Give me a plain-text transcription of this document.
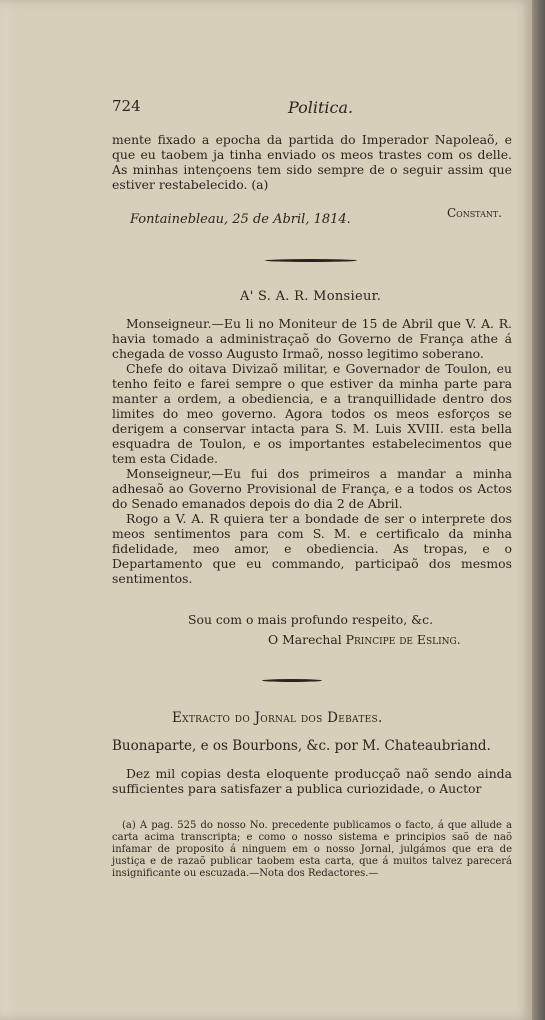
724	Politica.

mente fixado a epocha da partida do Imperador Napoleaõ, e que eu taobem ja tinha enviado os meos trastes com os delle. As minhas intençoens tem sido sempre de o seguir assim que estiver restabelecido. (a)

Fontainebleau, 25 de Abril, 1814.	Constant.
A' S. A. R. Monsieur.

Monseigneur.—Eu li no Moniteur de 15 de Abril que V. A. R. havia tomado a administraçaõ do Governo de França athe á chegada de vosso Augusto Irmaõ, nosso legitimo soberano.

Chefe do oitava Divizaõ militar, e Governador de Toulon, eu tenho feito e farei sempre o que estiver da minha parte para manter a ordem, a obediencia, e a tranquillidade dentro dos limites do meo governo. Agora todos os meos esforços se derigem a conservar intacta para S. M. Luis XVIII. esta bella esquadra de Toulon, e os importantes estabelecimentos que tem esta Cidade.

Monseigneur,—Eu fui dos primeiros a mandar a minha adhesaõ ao Governo Provisional de França, e a todos os Actos do Senado emanados depois do dia 2 de Abril.

Rogo a V. A. R quiera ter a bondade de ser o interprete dos meos sentimentos para com S. M. e certificalo da minha fidelidade, meo amor, e obediencia. As tropas, e o Departamento que eu commando, participaõ dos mesmos sentimentos.

Sou com o mais profundo respeito, &c.
O Marechal Principe de Esling.
Extracto do Jornal dos Debates.
Buonaparte, e os Bourbons, &c. por M. Chateaubriand.

Dez mil copias desta eloquente producçaõ naõ sendo ainda sufficientes para satisfazer a publica curiozidade, o Auctor

(a) A pag. 525 do nosso No. precedente publicamos o facto, á que allude a carta acima transcripta; e como o nosso sistema e principios saõ de naõ infamar de proposito á ninguem em o nosso Jornal, julgámos que era de justiça e de razaõ publicar taobem esta carta, que á muitos talvez parecerá insignificante ou escuzada.—Nota dos Redactores.—
